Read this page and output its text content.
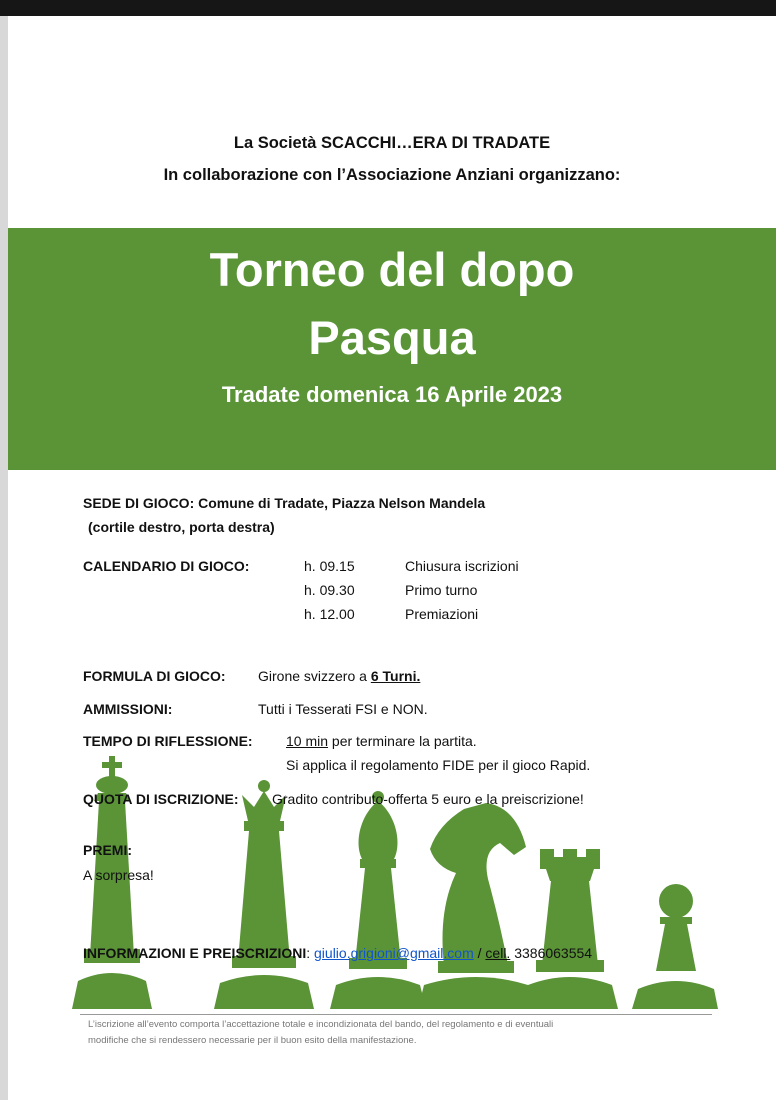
La Società SCACCHI…ERA DI TRADATE
In collaborazione con l’Associazione Anziani organizzano:
Torneo del dopo
Pasqua
Tradate domenica 16 Aprile 2023
SEDE DI GIOCO: Comune di Tradate, Piazza Nelson Mandela
(cortile destro, porta destra)
CALENDARIO DI GIOCO:	h. 09.15	Chiusura iscrizioni
h. 09.30	Primo turno
h. 12.00	Premiazioni
FORMULA DI GIOCO: Girone svizzero a 6 Turni.
AMMISSIONI:	Tutti i Tesserati FSI e NON.
TEMPO DI RIFLESSIONE: 10 min per terminare la partita.
Si applica il regolamento FIDE per il gioco Rapid.
QUOTA DI ISCRIZIONE: Gradito contributo-offerta 5 euro e la preiscrizione!
PREMI:
A sorpresa!
INFORMAZIONI E PREISCRIZIONI: giulio.grigioni@gmail.com / cell. 3386063554
L’iscrizione all’evento comporta l’accettazione totale e incondizionata del bando, del regolamento e di eventuali
modifiche che si rendessero necessarie per il buon esito della manifestazione.
